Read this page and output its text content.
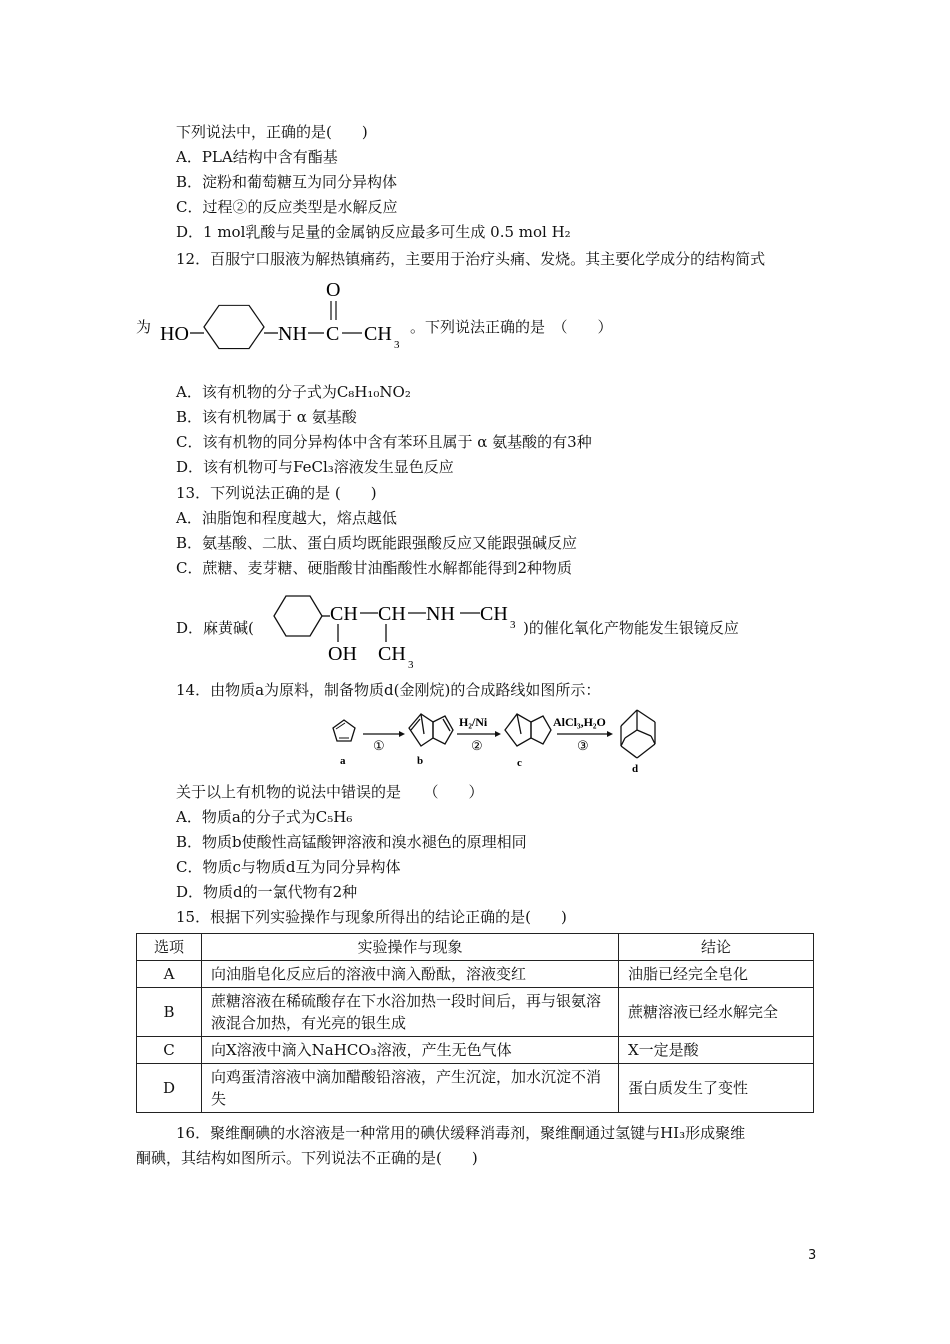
下列说法中，正确的是(　　)
A．PLA结构中含有酯基
B．淀粉和葡萄糖互为同分异构体
C．过程②的反应类型是水解反应
D．1 mol乳酸与足量的金属钠反应最多可生成 0.5 mol H₂
12．百服宁口服液为解热镇痛药，主要用于治疗头痛、发烧。其主要化学成分的结构简式
为 HO	NH C
O
CH 3
。下列说法正确的是　（　　）
A．该有机物的分子式为C₈H₁₀NO₂
B．该有机物属于 α 氨基酸
C．该有机物的同分异构体中含有苯环且属于 α 氨基酸的有3种
D．该有机物可与FeCl₃溶液发生显色反应
13．下列说法正确的是 (　　)
A．油脂饱和程度越大，熔点越低
B．氨基酸、二肽、蛋白质均既能跟强酸反应又能跟强碱反应
C．蔗糖、麦芽糖、硬脂酸甘油酯酸性水解都能得到2种物质
D．麻黄碱(
CH CH NH CH 3
OH CH 3
)的催化氧化产物能发生银镜反应
14．由物质a为原料，制备物质d(金刚烷)的合成路线如图所示：
a
①
b
H₂/Ni
②
c
AlCl₃,H₂O
③
d
关于以上有机物的说法中错误的是　　（　　）
A．物质a的分子式为C₅H₆
B．物质b使酸性高锰酸钾溶液和溴水褪色的原理相同
C．物质c与物质d互为同分异构体
D．物质d的一氯代物有2种
15．根据下列实验操作与现象所得出的结论正确的是(　　)
选项	实验操作与现象	结论
A	向油脂皂化反应后的溶液中滴入酚酞，溶液变红	油脂已经完全皂化
B	蔗糖溶液在稀硫酸存在下水浴加热一段时间后，再与银氨溶液混合加热，有光亮的银生成	蔗糖溶液已经水解完全
C	向X溶液中滴入NaHCO₃溶液，产生无色气体	X一定是酸
D	向鸡蛋清溶液中滴加醋酸铅溶液，产生沉淀，加水沉淀不消失	蛋白质发生了变性
16．聚维酮碘的水溶液是一种常用的碘伏缓释消毒剂，聚维酮通过氢键与HI₃形成聚维
酮碘，其结构如图所示。下列说法不正确的是(　　)
3
